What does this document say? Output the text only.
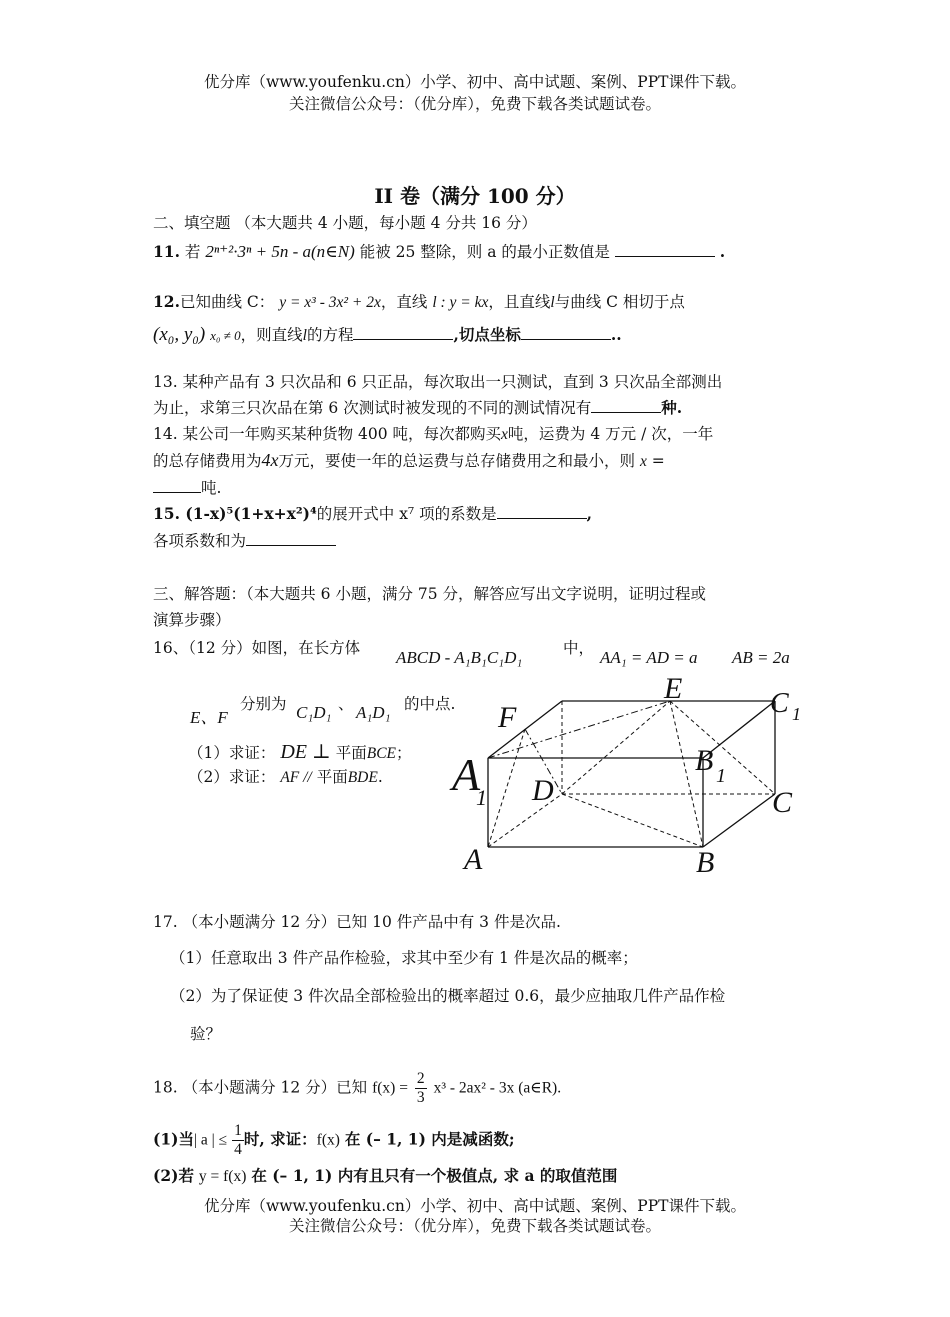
优分库（www.youfenku.cn）小学、初中、高中试题、案例、PPT课件下载。
关注微信公众号：（优分库），免费下载各类试题试卷。
II 卷（满分 100 分）
二、填空题 （本大题共 4 小题，每小题 4 分共 16 分）
11. 若 2ⁿ⁺²·3ⁿ + 5n - a(n∈N) 能被 25 整除，则 a 的最小正数值是	.
12.已知曲线 C： y = x³ - 3x² + 2x，直线 l : y = kx，且直线l与曲线 C 相切于点
(x₀, y₀) x₀ ≠ 0，则直线l的方程	,切点坐标	..
13. 某种产品有 3 只次品和 6 只正品，每次取出一只测试，直到 3 只次品全部测出
为止，求第三只次品在第 6 次测试时被发现的不同的测试情况有	种.
14. 某公司一年购买某种货物 400 吨，每次都购买x吨，运费为 4 万元 / 次，一年
的总存储费用为4x万元，要使一年的总运费与总存储费用之和最小，则 x =
吨.
15. (1-x)⁵(1+x+x²)⁴的展开式中 x⁷ 项的系数是	,
各项系数和为
三、解答题：（本大题共 6 小题，满分 75 分，解答应写出文字说明，证明过程或
演算步骤）
16、（12 分）如图，在长方体 ABCD - A₁B₁C₁D₁	中， AA₁ = AD = a AB = 2a
E、F
分别为 C₁D₁ 、 A₁D₁ 的中点.
（1）求证： DE ⊥ 平面BCE；
（2）求证： AF // 平面BDE.
E
F	C 1
B 1
A
1 D	C
A	B
17. （本小题满分 12 分）已知 10 件产品中有 3 件是次品.
（1）任意取出 3 件产品作检验，求其中至少有 1 件是次品的概率；
（2）为了保证使 3 件次品全部检验出的概率超过 0.6，最少应抽取几件产品作检
验？
18. （本小题满分 12 分）已知 $f(x) = \frac{2}{3} x^3 - 2ax^2 - 3x$ (a∈R).
(1)当| a | ≤ $\frac{1}{4}$ 时, 求证：f(x) 在 (– 1, 1) 内是减函数;
(2)若 y = f(x) 在 (– 1, 1) 内有且只有一个极值点, 求 a 的取值范围
优分库（www.youfenku.cn）小学、初中、高中试题、案例、PPT课件下载。
关注微信公众号：（优分库），免费下载各类试题试卷。
